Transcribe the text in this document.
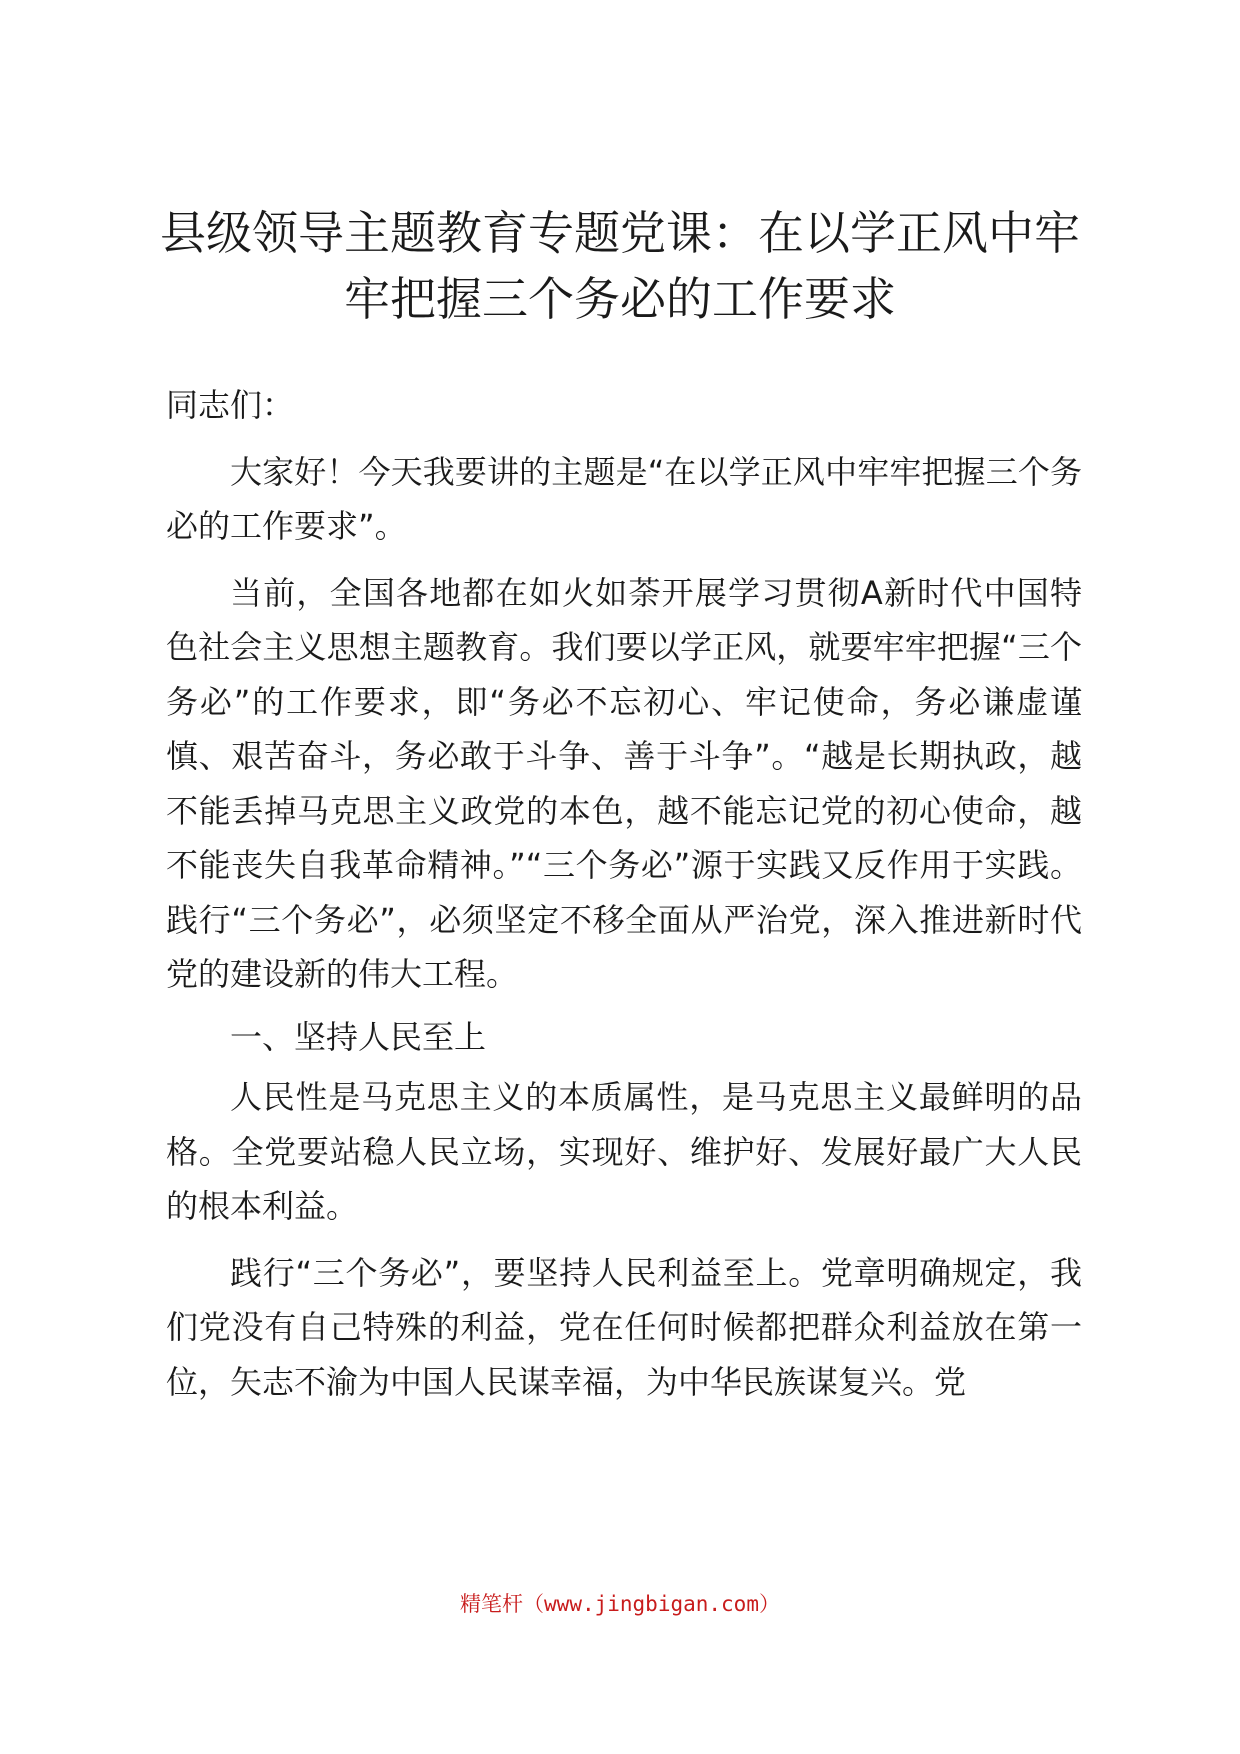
县级领导主题教育专题党课：在以学正风中牢
牢把握三个务必的工作要求

同志们：

大家好！今天我要讲的主题是“在以学正风中牢牢把握三个务必的工作要求”。

当前，全国各地都在如火如荼开展学习贯彻A新时代中国特色社会主义思想主题教育。我们要以学正风，就要牢牢把握“三个务必”的工作要求，即“务必不忘初心、牢记使命，务必谦虚谨慎、艰苦奋斗，务必敢于斗争、善于斗争”。“越是长期执政，越不能丢掉马克思主义政党的本色，越不能忘记党的初心使命，越不能丧失自我革命精神。”“三个务必”源于实践又反作用于实践。践行“三个务必”，必须坚定不移全面从严治党，深入推进新时代党的建设新的伟大工程。

一、坚持人民至上

人民性是马克思主义的本质属性，是马克思主义最鲜明的品格。全党要站稳人民立场，实现好、维护好、发展好最广大人民的根本利益。

践行“三个务必”，要坚持人民利益至上。党章明确规定，我们党没有自己特殊的利益，党在任何时候都把群众利益放在第一位，矢志不渝为中国人民谋幸福，为中华民族谋复兴。党

精笔杆（www.jingbigan.com）
